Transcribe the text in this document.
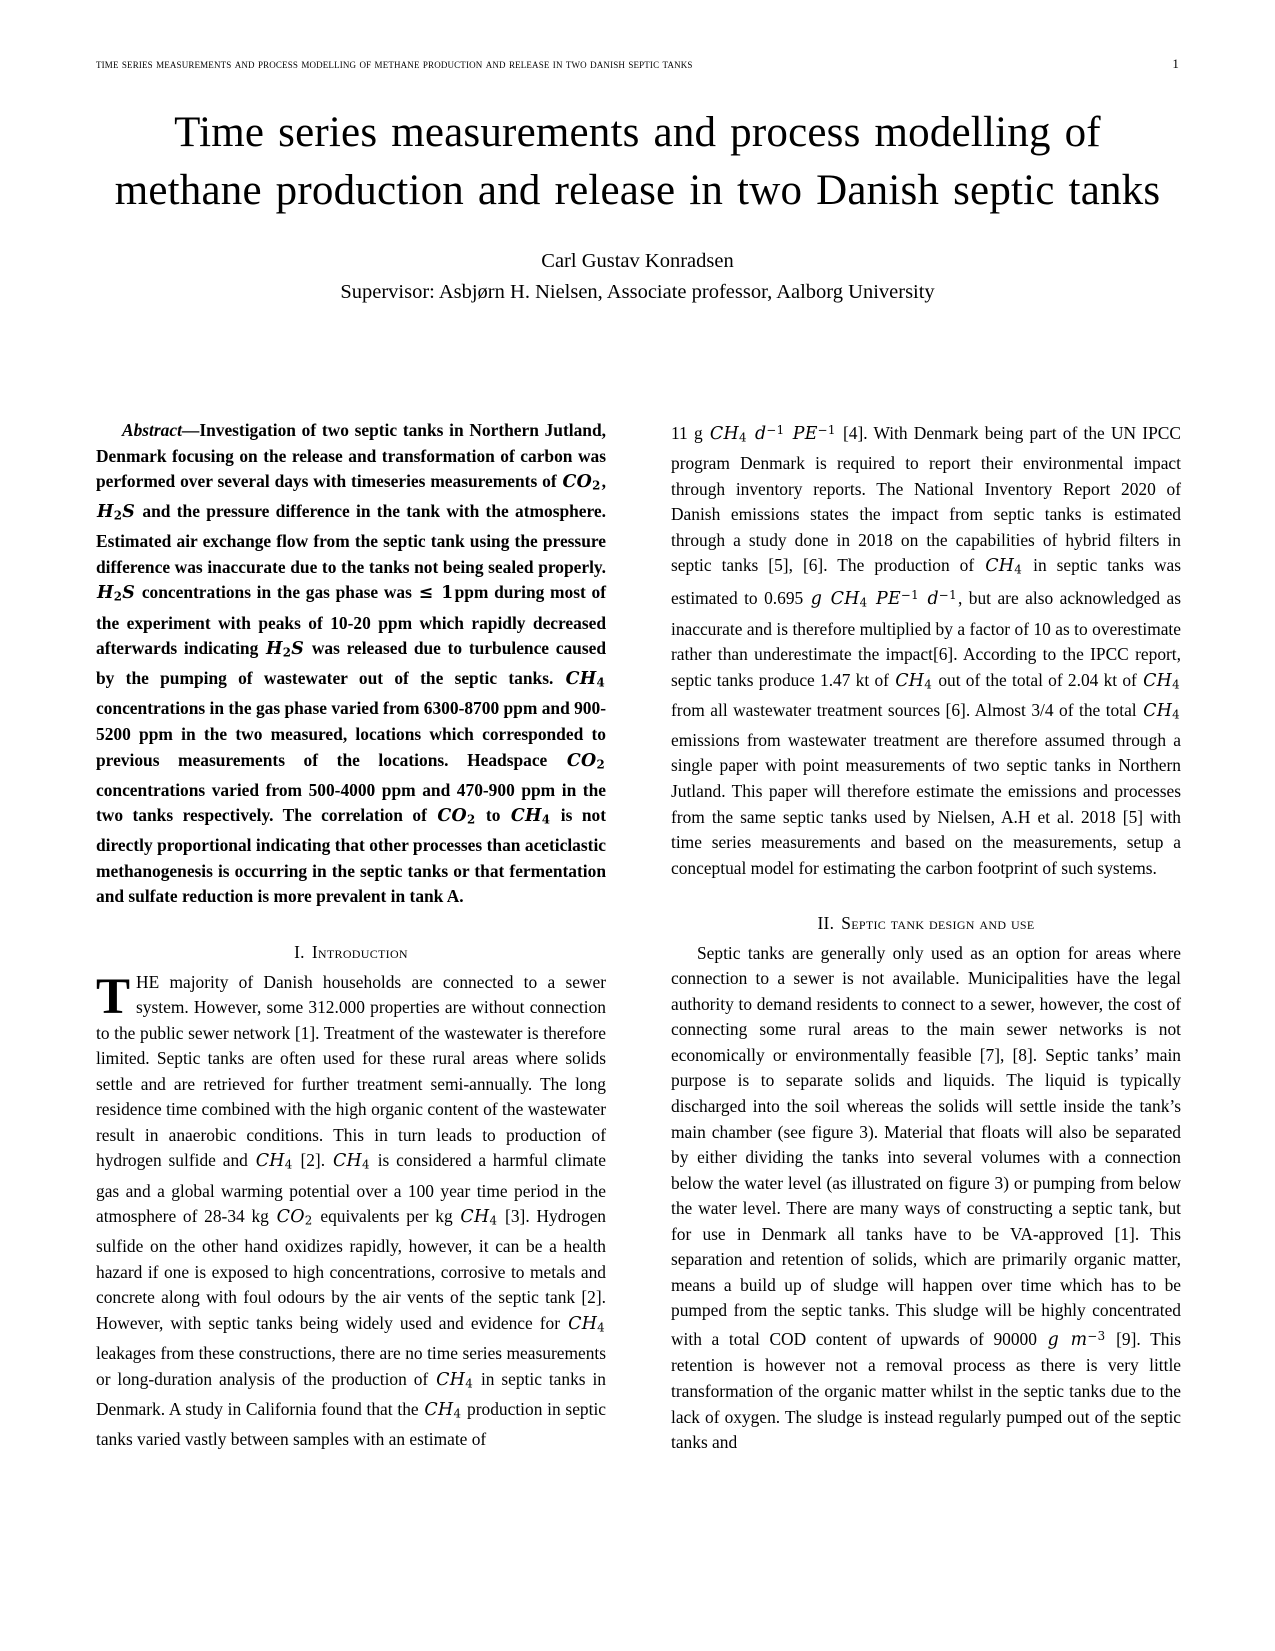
time series measurements and process modelling of methane production and release in two danish septic tanks	1
Time series measurements and process modelling of methane production and release in two Danish septic tanks
Carl Gustav Konradsen
Supervisor: Asbjørn H. Nielsen, Associate professor, Aalborg University

Abstract—Investigation of two septic tanks in Northern Jutland, Denmark focusing on the release and transformation of carbon was performed over several days with timeseries measurements of $CO_2$, $H_2S$ and the pressure difference in the tank with the atmosphere. Estimated air exchange flow from the septic tank using the pressure difference was inaccurate due to the tanks not being sealed properly. $H_2S$ concentrations in the gas phase was ≤ 1ppm during most of the experiment with peaks of 10-20 ppm which rapidly decreased afterwards indicating $H_2S$ was released due to turbulence caused by the pumping of wastewater out of the septic tanks. $CH_4$ concentrations in the gas phase varied from 6300-8700 ppm and 900-5200 ppm in the two measured, locations which corresponded to previous measurements of the locations. Headspace $CO_2$ concentrations varied from 500-4000 ppm and 470-900 ppm in the two tanks respectively. The correlation of $CO_2$ to $CH_4$ is not directly proportional indicating that other processes than aceticlastic methanogenesis is occurring in the septic tanks or that fermentation and sulfate reduction is more prevalent in tank A.

I. Introduction

THE majority of Danish households are connected to a sewer system. However, some 312.000 properties are without connection to the public sewer network [1]. Treatment of the wastewater is therefore limited. Septic tanks are often used for these rural areas where solids settle and are retrieved for further treatment semi-annually. The long residence time combined with the high organic content of the wastewater result in anaerobic conditions. This in turn leads to production of hydrogen sulfide and $CH_4$ [2]. $CH_4$ is considered a harmful climate gas and a global warming potential over a 100 year time period in the atmosphere of 28-34 kg $CO_2$ equivalents per kg $CH_4$ [3]. Hydrogen sulfide on the other hand oxidizes rapidly, however, it can be a health hazard if one is exposed to high concentrations, corrosive to metals and concrete along with foul odours by the air vents of the septic tank [2]. However, with septic tanks being widely used and evidence for $CH_4$ leakages from these constructions, there are no time series measurements or long-duration analysis of the production of $CH_4$ in septic tanks in Denmark. A study in California found that the $CH_4$ production in septic tanks varied vastly between samples with an estimate of

11 g $CH_4$ $d^{-1}$ $PE^{-1}$ [4]. With Denmark being part of the UN IPCC program Denmark is required to report their environmental impact through inventory reports. The National Inventory Report 2020 of Danish emissions states the impact from septic tanks is estimated through a study done in 2018 on the capabilities of hybrid filters in septic tanks [5], [6]. The production of $CH_4$ in septic tanks was estimated to 0.695 g $CH_4$ $PE^{-1}$ $d^{-1}$, but are also acknowledged as inaccurate and is therefore multiplied by a factor of 10 as to overestimate rather than underestimate the impact[6]. According to the IPCC report, septic tanks produce 1.47 kt of $CH_4$ out of the total of 2.04 kt of $CH_4$ from all wastewater treatment sources [6]. Almost 3/4 of the total $CH_4$ emissions from wastewater treatment are therefore assumed through a single paper with point measurements of two septic tanks in Northern Jutland. This paper will therefore estimate the emissions and processes from the same septic tanks used by Nielsen, A.H et al. 2018 [5] with time series measurements and based on the measurements, setup a conceptual model for estimating the carbon footprint of such systems.

II. Septic tank design and use

Septic tanks are generally only used as an option for areas where connection to a sewer is not available. Municipalities have the legal authority to demand residents to connect to a sewer, however, the cost of connecting some rural areas to the main sewer networks is not economically or environmentally feasible [7], [8]. Septic tanks’ main purpose is to separate solids and liquids. The liquid is typically discharged into the soil whereas the solids will settle inside the tank’s main chamber (see figure 3). Material that floats will also be separated by either dividing the tanks into several volumes with a connection below the water level (as illustrated on figure 3) or pumping from below the water level. There are many ways of constructing a septic tank, but for use in Denmark all tanks have to be VA-approved [1]. This separation and retention of solids, which are primarily organic matter, means a build up of sludge will happen over time which has to be pumped from the septic tanks. This sludge will be highly concentrated with a total COD content of upwards of 90000 g $m^{-3}$ [9]. This retention is however not a removal process as there is very little transformation of the organic matter whilst in the septic tanks due to the lack of oxygen. The sludge is instead regularly pumped out of the septic tanks and
